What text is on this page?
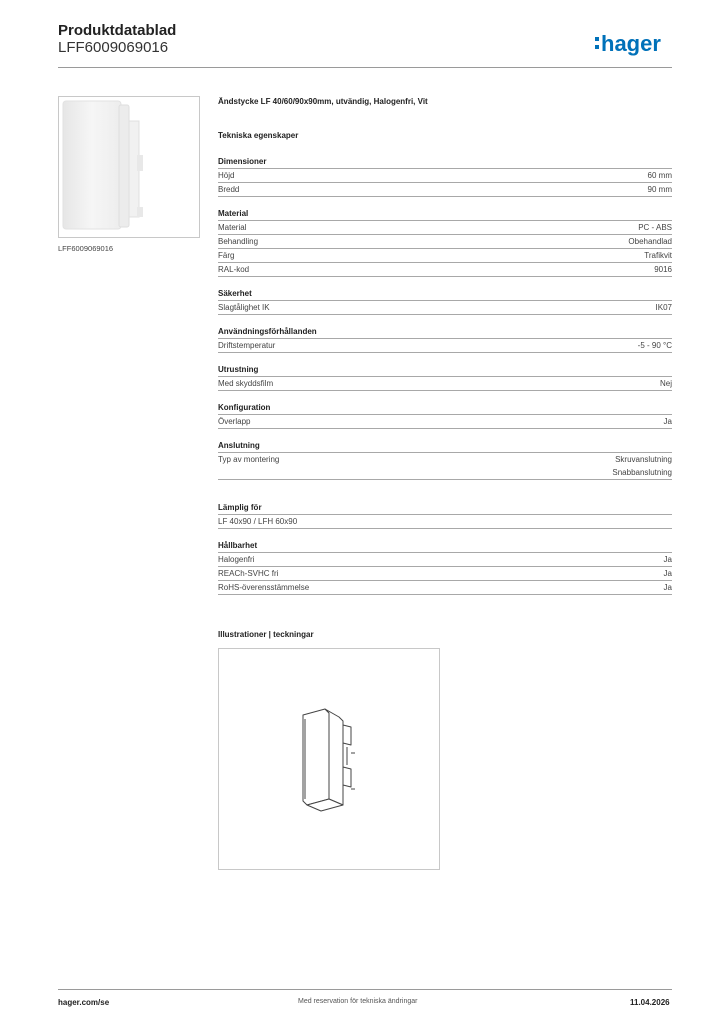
Produktdatablad
LFF6009069016	hager
LFF6009069016
Ändstycke LF 40/60/90x90mm, utvändig, Halogenfri, Vit
Tekniska egenskaper
Dimensioner
Höjd	60 mm
Bredd	90 mm
Material
Material	PC - ABS
Behandling	Obehandlad
Färg	Trafikvit
RAL-kod	9016
Säkerhet
Slagtålighet IK	IK07
Användningsförhållanden
Driftstemperatur	-5 - 90 °C
Utrustning
Med skyddsfilm	Nej
Konfiguration
Överlapp	Ja
Anslutning
Typ av montering	Skruvanslutning
Snabbanslutning
Lämplig för
LF 40x90 / LFH 60x90
Hållbarhet
Halogenfri	Ja
REACh-SVHC fri	Ja
RoHS-överensstämmelse	Ja
Illustrationer | teckningar
hager.com/se	Med reservation för tekniska ändringar	11.04.2026
